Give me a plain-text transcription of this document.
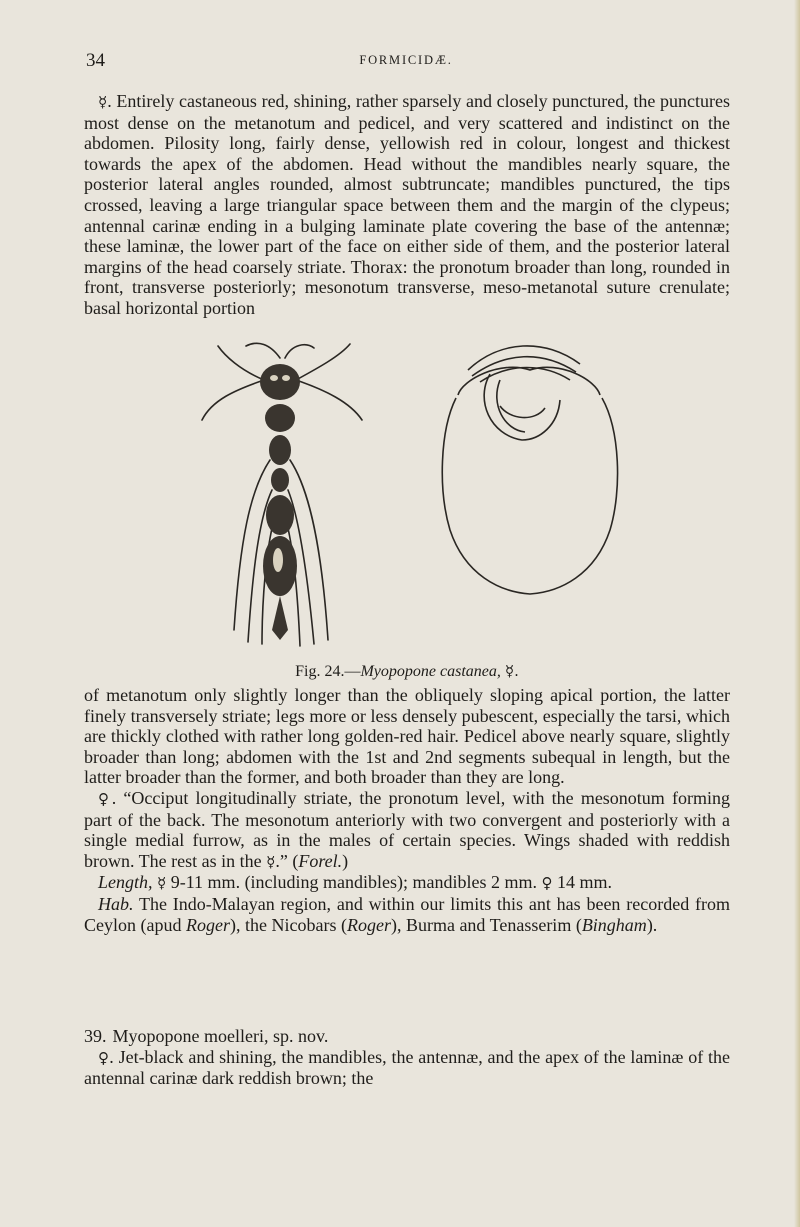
34	FORMICIDÆ.

☿. Entirely castaneous red, shining, rather sparsely and closely punctured, the punctures most dense on the metanotum and pedicel, and very scattered and indistinct on the abdomen. Pilosity long, fairly dense, yellowish red in colour, longest and thickest towards the apex of the abdomen. Head without the mandibles nearly square, the posterior lateral angles rounded, almost subtruncate; mandibles punctured, the tips crossed, leaving a large triangular space between them and the margin of the clypeus; antennal carinæ ending in a bulging laminate plate covering the base of the antennæ; these laminæ, the lower part of the face on either side of them, and the posterior lateral margins of the head coarsely striate. Thorax: the pronotum broader than long, rounded in front, transverse posteriorly; mesonotum transverse, meso-metanotal suture crenulate; basal horizontal portion

Fig. 24.—Myopopone castanea, ☿.

of metanotum only slightly longer than the obliquely sloping apical portion, the latter finely transversely striate; legs more or less densely pubescent, especially the tarsi, which are thickly clothed with rather long golden-red hair. Pedicel above nearly square, slightly broader than long; abdomen with the 1st and 2nd segments subequal in length, but the latter broader than the former, and both broader than they are long.

♀. “Occiput longitudinally striate, the pronotum level, with the mesonotum forming part of the back. The mesonotum anteriorly with two convergent and posteriorly with a single medial furrow, as in the males of certain species. Wings shaded with reddish brown. The rest as in the ☿.” (Forel.)

Length, ☿ 9-11 mm. (including mandibles); mandibles 2 mm. ♀ 14 mm.

Hab. The Indo-Malayan region, and within our limits this ant has been recorded from Ceylon (apud Roger), the Nicobars (Roger), Burma and Tenasserim (Bingham).

39. Myopopone moelleri, sp. nov.

♀. Jet-black and shining, the mandibles, the antennæ, and the apex of the laminæ of the antennal carinæ dark reddish brown; the
